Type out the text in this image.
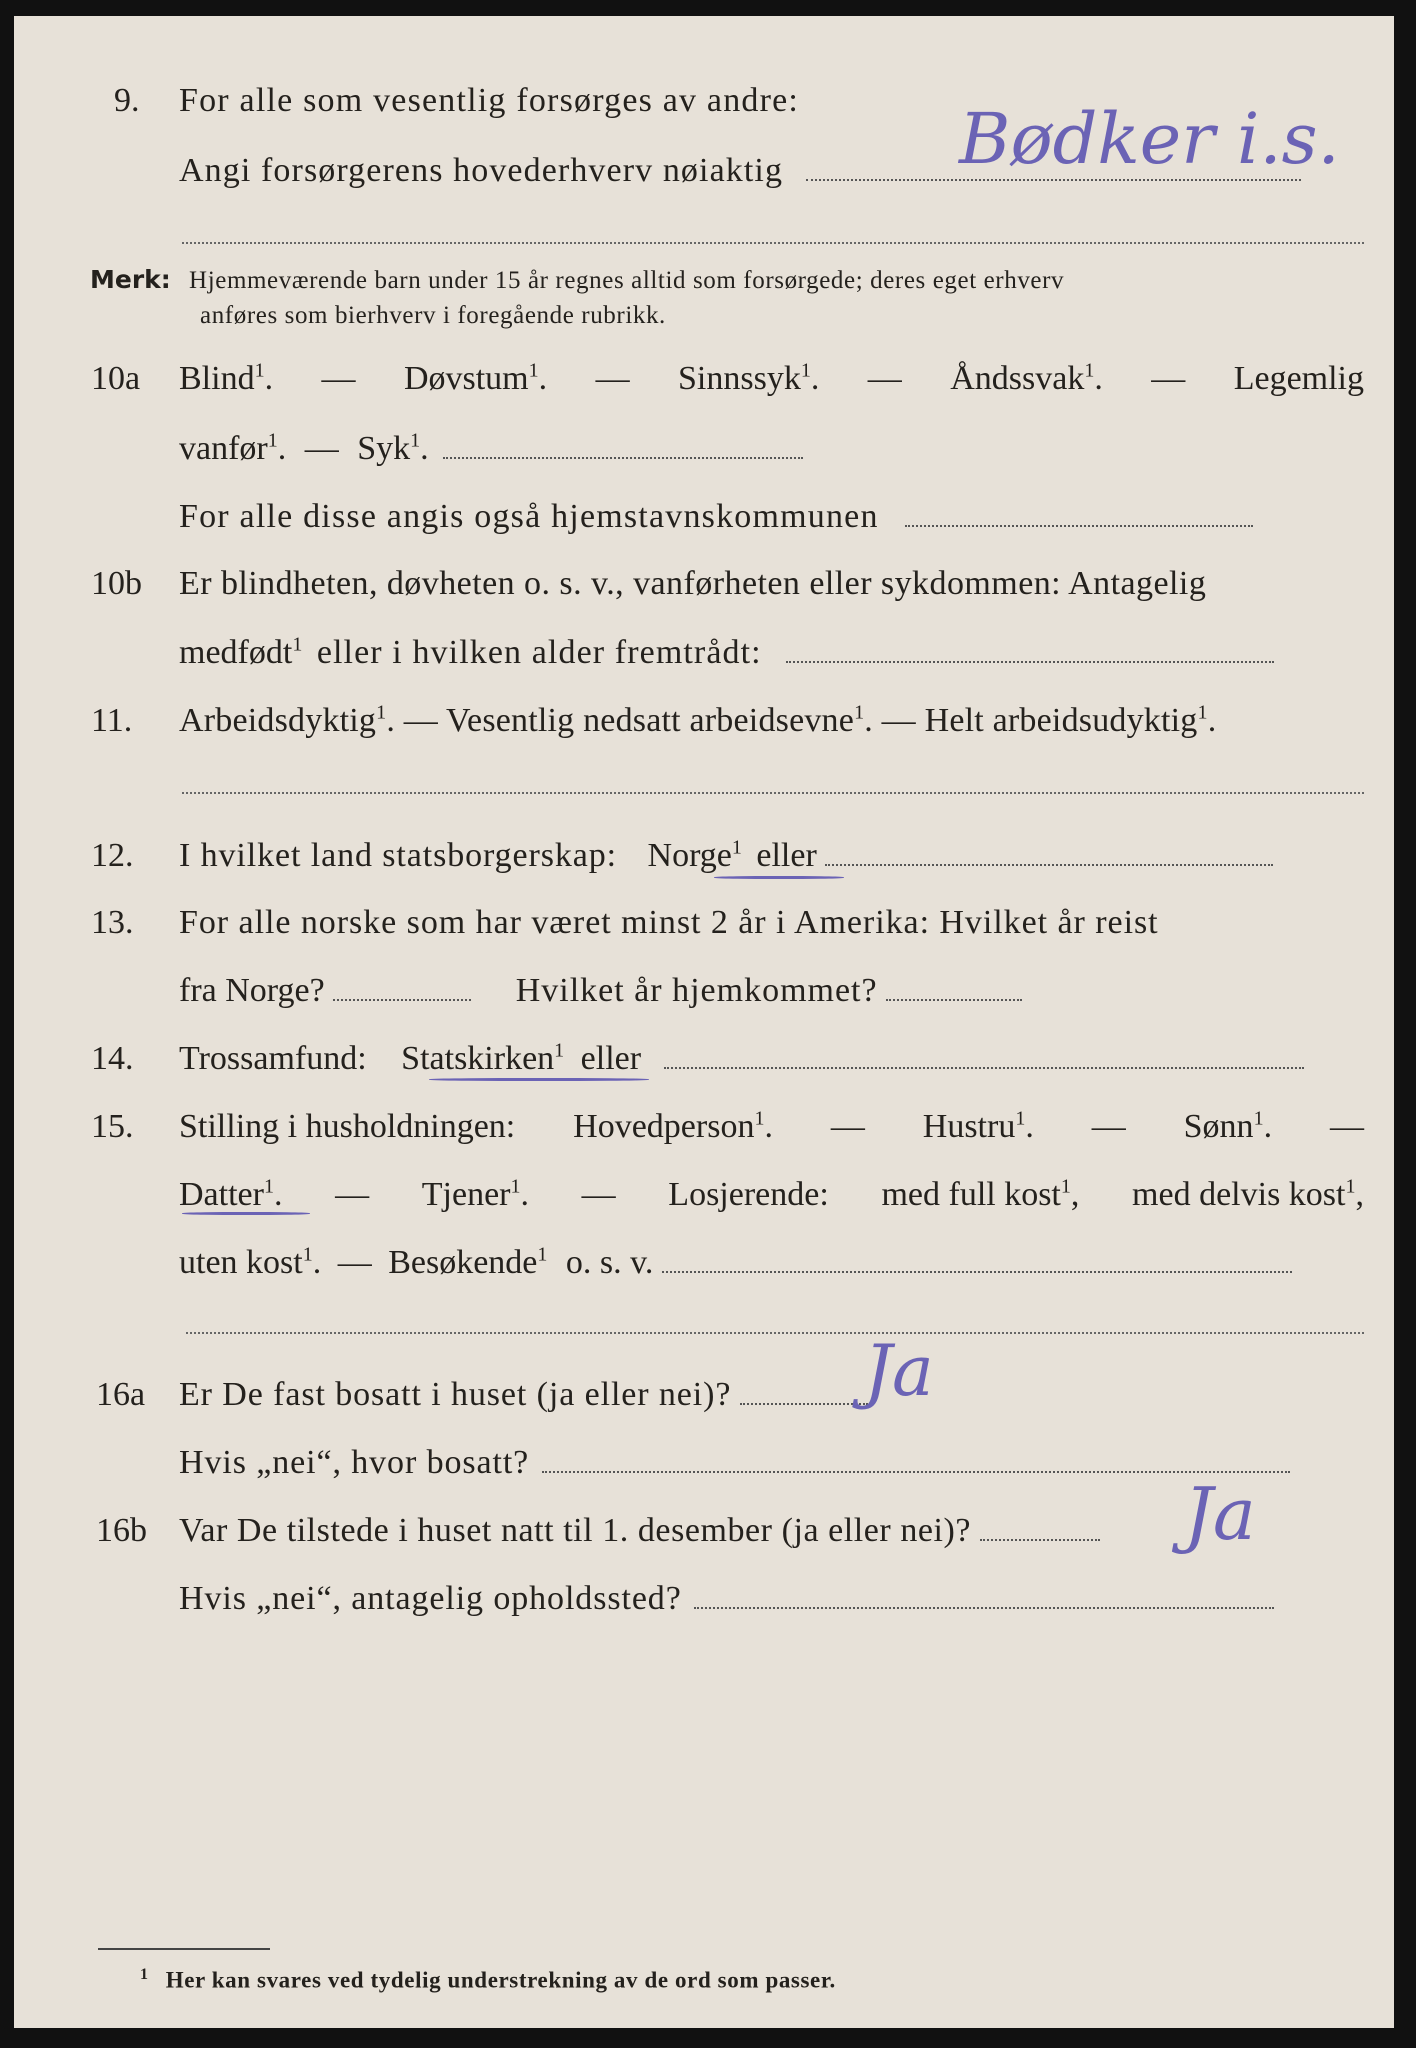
9. For alle som vesentlig forsørges av andre:
Angi forsørgerens hovederhverv nøiaktig	Bødker i.s.
Merk: Hjemmeværende barn under 15 år regnes alltid som forsørgede; deres eget erhverv
anføres som bierhverv i foregående rubrikk.
10a Blind$^1$. — Døvstum$^1$. — Sinnssyk$^1$. — Åndssvak$^1$. — Legemlig
vanfør$^1$. — Syk$^1$.
For alle disse angis også hjemstavnskommunen
10b Er blindheten, døvheten o. s. v., vanførheten eller sykdommen: Antagelig
medfødt$^1$ eller i hvilken alder fremtrådt:
11. Arbeidsdyktig$^1$. — Vesentlig nedsatt arbeidsevne$^1$. — Helt arbeidsudyktig$^1$.
12. I hvilket land statsborgerskap: Norge$^1$ eller
13. For alle norske som har været minst 2 år i Amerika: Hvilket år reist
fra Norge?	Hvilket år hjemkommet?
14. Trossamfund: Statskirken$^1$ eller
15. Stilling i husholdningen: Hovedperson$^1$. — Hustru$^1$. — Sønn$^1$. —
Datter$^1$. — Tjener$^1$. — Losjerende: med full kost$^1$, med delvis kost$^1$,
uten kost$^1$. — Besøkende$^1$ o. s. v.
16a Er De fast bosatt i huset (ja eller nei)?	Ja
Hvis „nei“, hvor bosatt?
16b Var De tilstede i huset natt til 1. desember (ja eller nei)?	Ja
Hvis „nei“, antagelig opholdssted?
$^1$ Her kan svares ved tydelig understrekning av de ord som passer.
